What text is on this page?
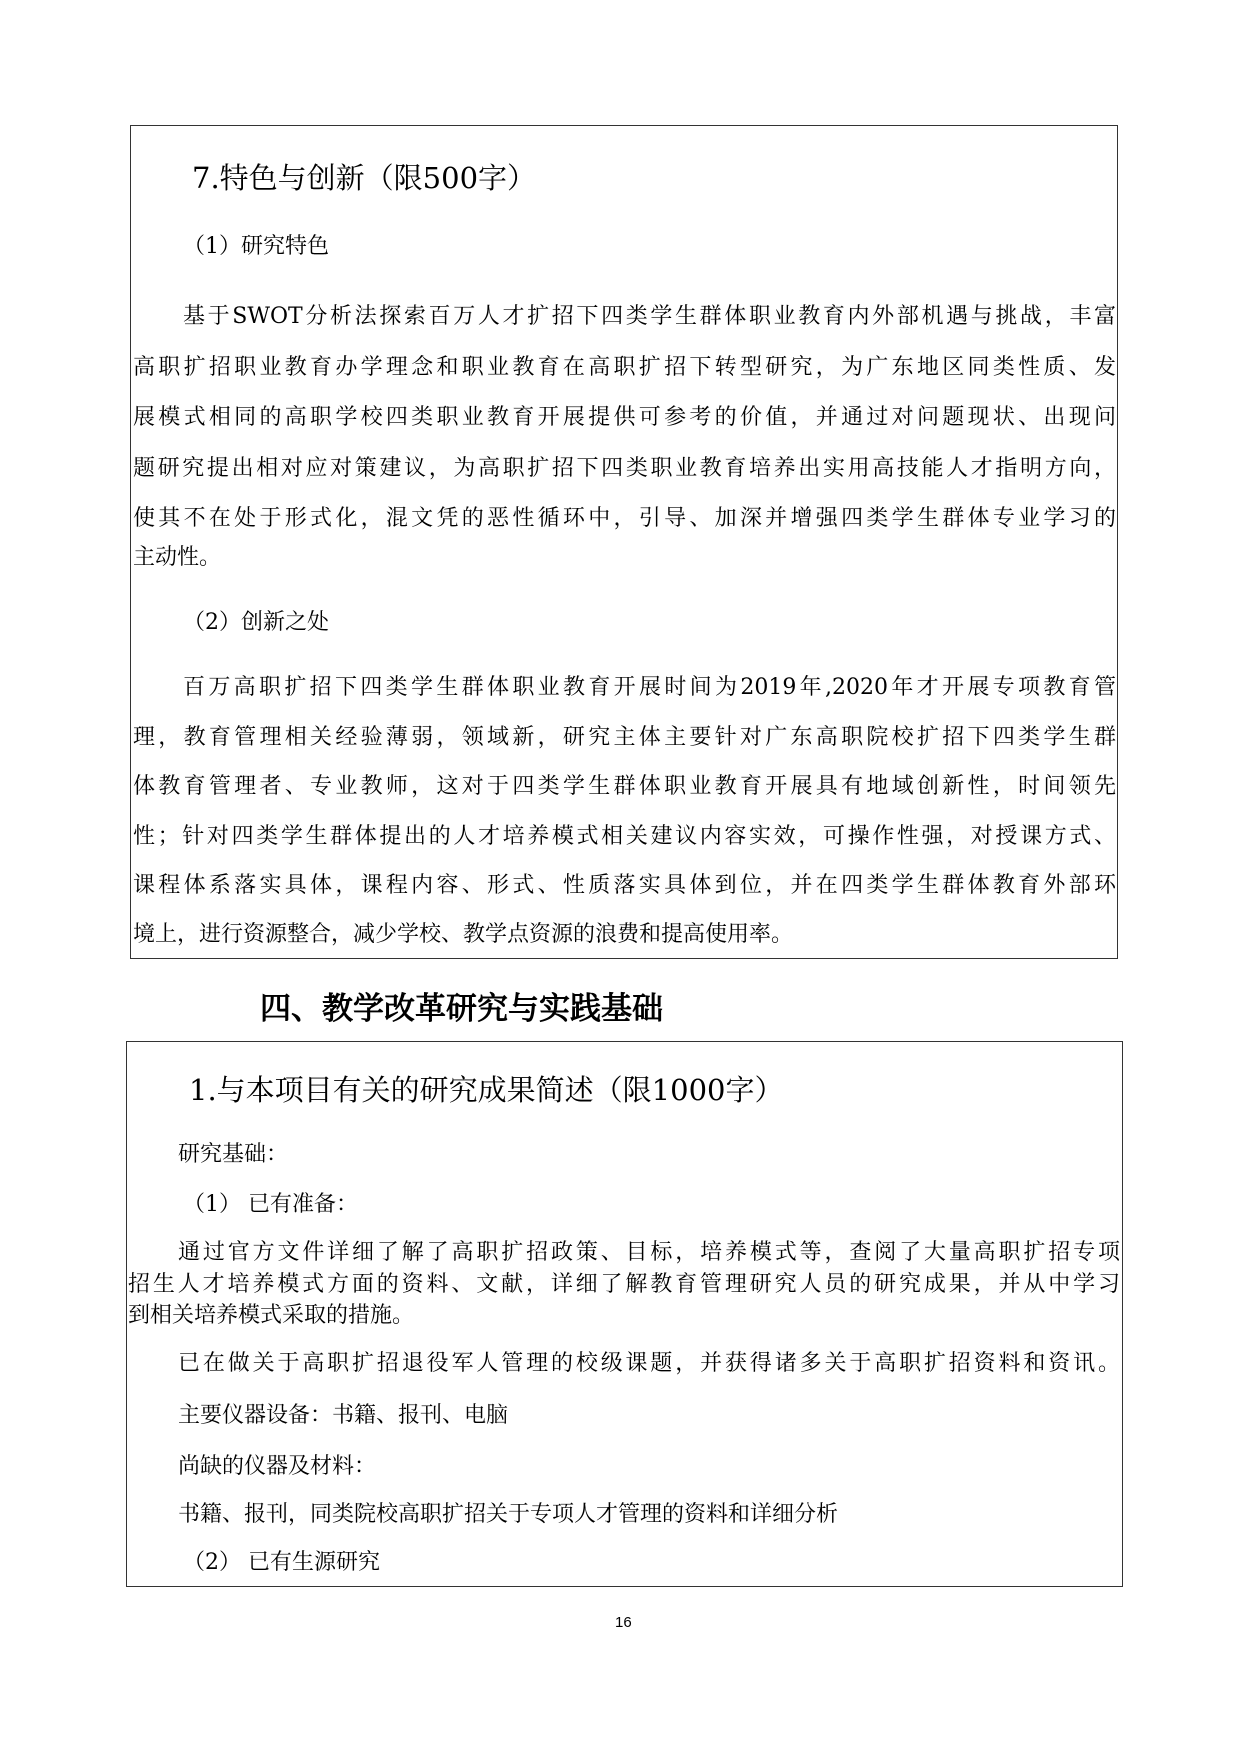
7.特色与创新（限500字）
（1）研究特色
基于SWOT分析法探索百万人才扩招下四类学生群体职业教育内外部机遇与挑战，丰富
高职扩招职业教育办学理念和职业教育在高职扩招下转型研究，为广东地区同类性质、发
展模式相同的高职学校四类职业教育开展提供可参考的价值，并通过对问题现状、出现问
题研究提出相对应对策建议，为高职扩招下四类职业教育培养出实用高技能人才指明方向，
使其不在处于形式化，混文凭的恶性循环中，引导、加深并增强四类学生群体专业学习的
主动性。
（2）创新之处
百万高职扩招下四类学生群体职业教育开展时间为2019年,2020年才开展专项教育管
理，教育管理相关经验薄弱，领域新，研究主体主要针对广东高职院校扩招下四类学生群
体教育管理者、专业教师，这对于四类学生群体职业教育开展具有地域创新性，时间领先
性；针对四类学生群体提出的人才培养模式相关建议内容实效，可操作性强，对授课方式、
课程体系落实具体，课程内容、形式、性质落实具体到位，并在四类学生群体教育外部环
境上，进行资源整合，减少学校、教学点资源的浪费和提高使用率。
四、教学改革研究与实践基础
1.与本项目有关的研究成果简述（限1000字）
研究基础：
（1） 已有准备：
通过官方文件详细了解了高职扩招政策、目标，培养模式等，查阅了大量高职扩招专项
招生人才培养模式方面的资料、文献，详细了解教育管理研究人员的研究成果，并从中学习
到相关培养模式采取的措施。
已在做关于高职扩招退役军人管理的校级课题，并获得诸多关于高职扩招资料和资讯。
主要仪器设备：书籍、报刊、电脑
尚缺的仪器及材料：
书籍、报刊，同类院校高职扩招关于专项人才管理的资料和详细分析
（2） 已有生源研究
16
